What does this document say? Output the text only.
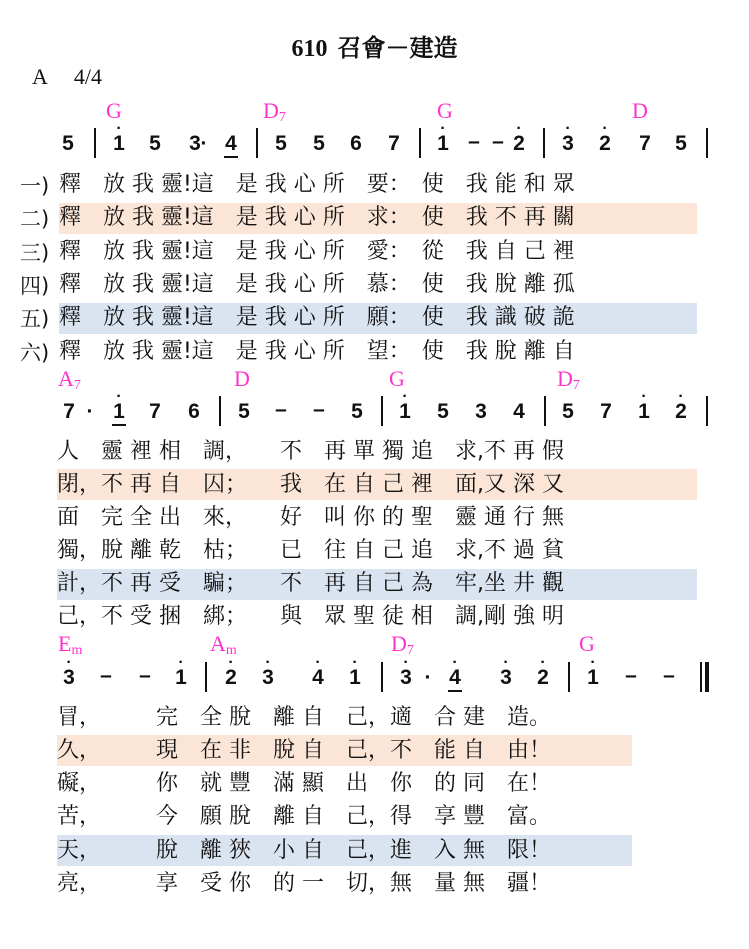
610 召會－建造
A 4/4
G	$D_7$	G	D
5
·
1 5 3 · 4 5 5 6 7
·
1 – –
·
2
·
3
·
2 7 5
一)
二)
三)
四)
五)
六)
釋　放 我 靈!這　是 我 心 所　要：　使　我 能 和 眾
釋　放 我 靈!這　是 我 心 所　求：　使　我 不 再 關
釋　放 我 靈!這　是 我 心 所　愛：　從　我 自 己 裡
釋　放 我 靈!這　是 我 心 所　慕：　使　我 脫 離 孤
釋　放 我 靈!這　是 我 心 所　願：　使　我 識 破 詭
釋　放 我 靈!這　是 我 心 所　望：　使　我 脫 離 自
$A_7$	D	G	$D_7$
7 ·
·
1 7 6 5 – – 5
·
1 5 3 4 5 7
·
1
·
2
人　靈 裡 相　調，　　不　再 單 獨 追　求,不 再 假
閉，不 再 自　囚；　　我　在 自 己 裡　面,又 深 又
面　完 全 出　來，　　好　叫 你 的 聖　靈 通 行 無
獨，脫 離 乾　枯；　　已　往 自 己 追　求,不 過 貧
計，不 再 受　騙；　　不　再 自 己 為　牢,坐 井 觀
己，不 受 捆　綁；　　與　眾 聖 徒 相　調,剛 強 明
$E_m$	$A_m$	$D_7$	G
·
3 – –
·
1
·
2
·
3
·
4
·
1
·
3 ·
·
4
·
3
·
2
·
1 – –
冒，　　　完　全 脫　離 自　己，適　合 建　造。
久，　　　現　在 非　脫 自　己，不　能 自　由！
礙，　　　你　就 豐　滿 顯　出　你　的 同　在！
苦，　　　今　願 脫　離 自　己，得　享 豐　富。
天，　　　脫　離 狹　小 自　己，進　入 無　限！
亮，　　　享　受 你　的 一　切，無　量 無　疆！
